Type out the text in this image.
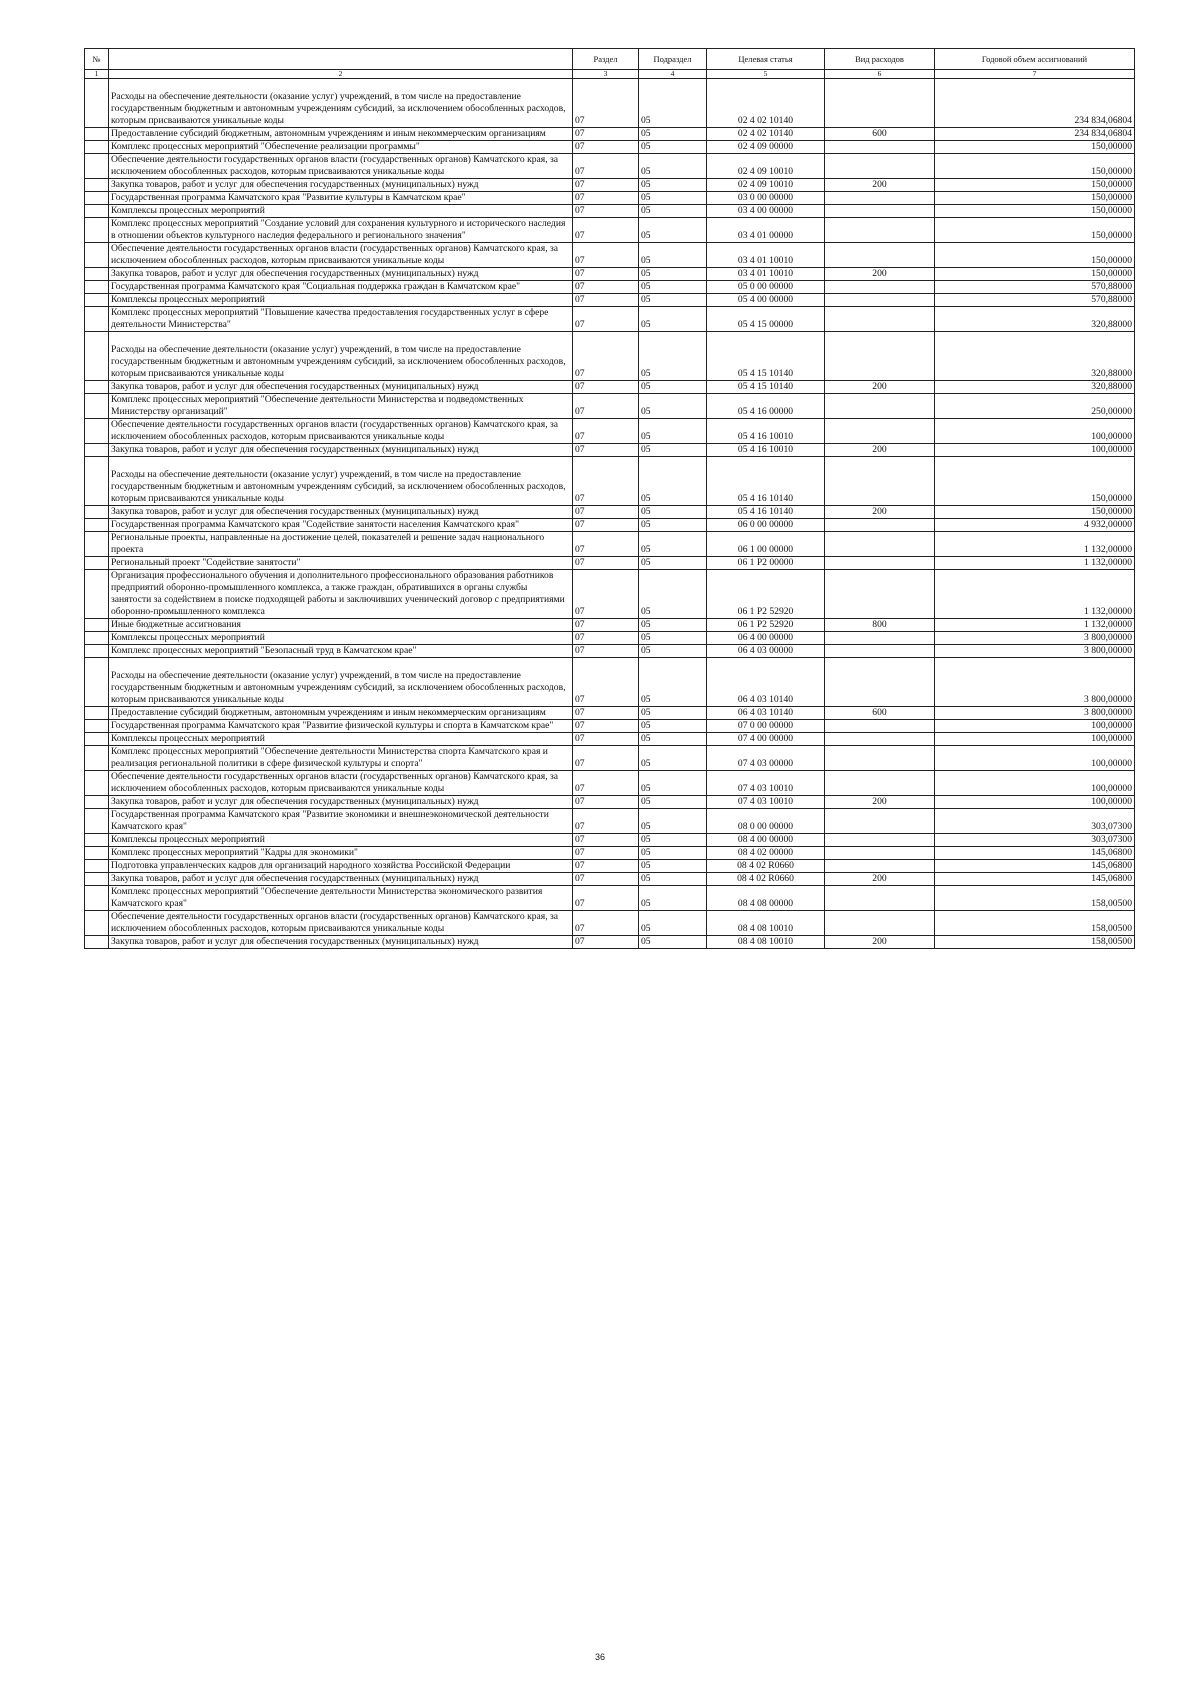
№		Раздел	Подраздел	Целевая статья	Вид расходов	Годовой объем ассигнований
1	2	3	4	5	6	7
	Расходы на обеспечение деятельности (оказание услуг) учреждений, в том числе на предоставление государственным бюджетным и автономным учреждениям субсидий, за исключением обособленных расходов, которым присваиваются уникальные коды	07	05	02 4 02 10140		234 834,06804
	Предоставление субсидий бюджетным, автономным учреждениям и иным некоммерческим организациям	07	05	02 4 02 10140	600	234 834,06804
	Комплекс процессных мероприятий "Обеспечение реализации программы"	07	05	02 4 09 00000		150,00000
	Обеспечение деятельности государственных органов власти (государственных органов) Камчатского края, за исключением обособленных расходов, которым присваиваются уникальные коды	07	05	02 4 09 10010		150,00000
	Закупка товаров, работ и услуг для обеспечения государственных (муниципальных) нужд	07	05	02 4 09 10010	200	150,00000
	Государственная программа Камчатского края "Развитие культуры в Камчатском крае"	07	05	03 0 00 00000		150,00000
	Комплексы процессных мероприятий	07	05	03 4 00 00000		150,00000
	Комплекс процессных мероприятий "Создание условий для сохранения культурного и исторического наследия в отношении объектов культурного наследия федерального и регионального значения"	07	05	03 4 01 00000		150,00000
	Обеспечение деятельности государственных органов власти (государственных органов) Камчатского края, за исключением обособленных расходов, которым присваиваются уникальные коды	07	05	03 4 01 10010		150,00000
	Закупка товаров, работ и услуг для обеспечения государственных (муниципальных) нужд	07	05	03 4 01 10010	200	150,00000
	Государственная программа Камчатского края "Социальная поддержка граждан в Камчатском крае"	07	05	05 0 00 00000		570,88000
	Комплексы процессных мероприятий	07	05	05 4 00 00000		570,88000
	Комплекс процессных мероприятий "Повышение качества предоставления государственных услуг в сфере деятельности Министерства"	07	05	05 4 15 00000		320,88000
	Расходы на обеспечение деятельности (оказание услуг) учреждений, в том числе на предоставление государственным бюджетным и автономным учреждениям субсидий, за исключением обособленных расходов, которым присваиваются уникальные коды	07	05	05 4 15 10140		320,88000
	Закупка товаров, работ и услуг для обеспечения государственных (муниципальных) нужд	07	05	05 4 15 10140	200	320,88000
	Комплекс процессных мероприятий "Обеспечение деятельности Министерства и подведомственных Министерству организаций"	07	05	05 4 16 00000		250,00000
	Обеспечение деятельности государственных органов власти (государственных органов) Камчатского края, за исключением обособленных расходов, которым присваиваются уникальные коды	07	05	05 4 16 10010		100,00000
	Закупка товаров, работ и услуг для обеспечения государственных (муниципальных) нужд	07	05	05 4 16 10010	200	100,00000
	Расходы на обеспечение деятельности (оказание услуг) учреждений, в том числе на предоставление государственным бюджетным и автономным учреждениям субсидий, за исключением обособленных расходов, которым присваиваются уникальные коды	07	05	05 4 16 10140		150,00000
	Закупка товаров, работ и услуг для обеспечения государственных (муниципальных) нужд	07	05	05 4 16 10140	200	150,00000
	Государственная программа Камчатского края "Содействие занятости населения Камчатского края"	07	05	06 0 00 00000		4 932,00000
	Региональные проекты, направленные на достижение целей, показателей и решение задач национального проекта	07	05	06 1 00 00000		1 132,00000
	Региональный проект "Содействие занятости"	07	05	06 1 P2 00000		1 132,00000
	Организация профессионального обучения и дополнительного профессионального образования работников предприятий оборонно-промышленного комплекса, а также граждан, обратившихся в органы службы занятости за содействием в поиске подходящей работы и заключивших ученический договор с предприятиями оборонно-промышленного комплекса	07	05	06 1 P2 52920		1 132,00000
	Иные бюджетные ассигнования	07	05	06 1 P2 52920	800	1 132,00000
	Комплексы процессных мероприятий	07	05	06 4 00 00000		3 800,00000
	Комплекс процессных мероприятий "Безопасный труд в Камчатском крае"	07	05	06 4 03 00000		3 800,00000
	Расходы на обеспечение деятельности (оказание услуг) учреждений, в том числе на предоставление государственным бюджетным и автономным учреждениям субсидий, за исключением обособленных расходов, которым присваиваются уникальные коды	07	05	06 4 03 10140		3 800,00000
	Предоставление субсидий бюджетным, автономным учреждениям и иным некоммерческим организациям	07	05	06 4 03 10140	600	3 800,00000
	Государственная программа Камчатского края "Развитие физической культуры и спорта в Камчатском крае"	07	05	07 0 00 00000		100,00000
	Комплексы процессных мероприятий	07	05	07 4 00 00000		100,00000
	Комплекс процессных мероприятий "Обеспечение деятельности Министерства спорта Камчатского края и реализация региональной политики в сфере физической культуры и спорта"	07	05	07 4 03 00000		100,00000
	Обеспечение деятельности государственных органов власти (государственных органов) Камчатского края, за исключением обособленных расходов, которым присваиваются уникальные коды	07	05	07 4 03 10010		100,00000
	Закупка товаров, работ и услуг для обеспечения государственных (муниципальных) нужд	07	05	07 4 03 10010	200	100,00000
	Государственная программа Камчатского края "Развитие экономики и внешнеэкономической деятельности Камчатского края"	07	05	08 0 00 00000		303,07300
	Комплексы процессных мероприятий	07	05	08 4 00 00000		303,07300
	Комплекс процессных мероприятий "Кадры для экономики"	07	05	08 4 02 00000		145,06800
	Подготовка управленческих кадров для организаций народного хозяйства Российской Федерации	07	05	08 4 02 R0660		145,06800
	Закупка товаров, работ и услуг для обеспечения государственных (муниципальных) нужд	07	05	08 4 02 R0660	200	145,06800
	Комплекс процессных мероприятий "Обеспечение деятельности Министерства экономического развития Камчатского края"	07	05	08 4 08 00000		158,00500
	Обеспечение деятельности государственных органов власти (государственных органов) Камчатского края, за исключением обособленных расходов, которым присваиваются уникальные коды	07	05	08 4 08 10010		158,00500
	Закупка товаров, работ и услуг для обеспечения государственных (муниципальных) нужд	07	05	08 4 08 10010	200	158,00500
36
